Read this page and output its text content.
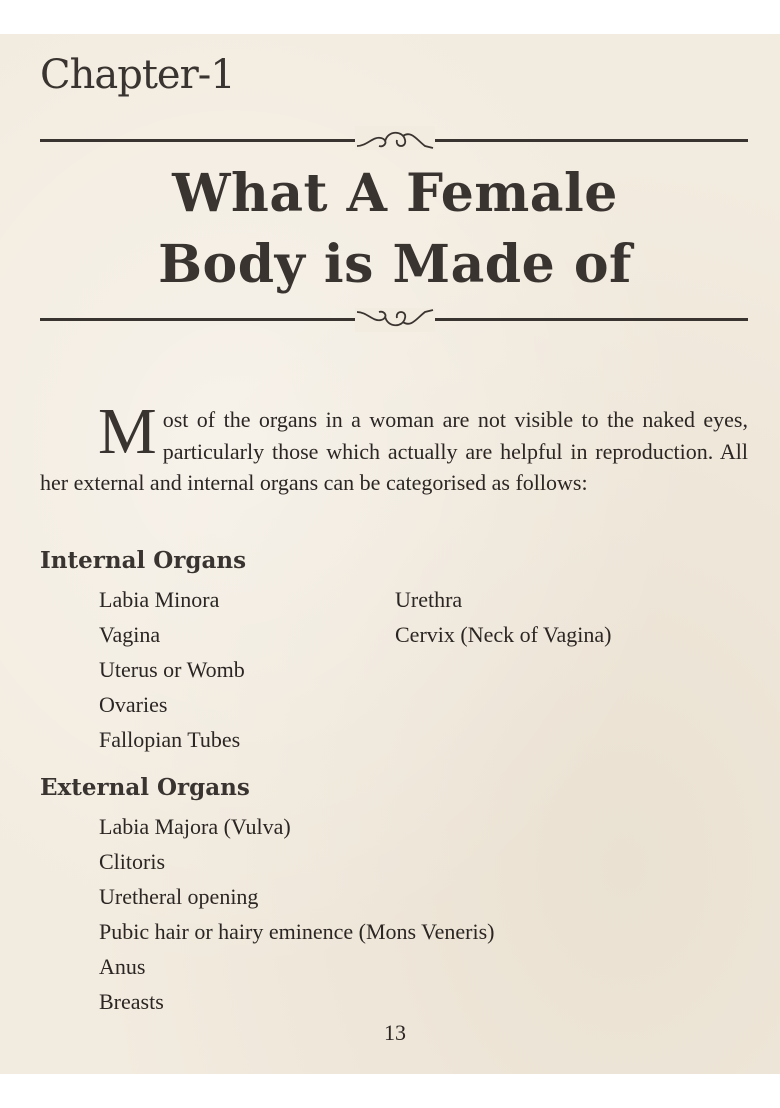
Chapter-1
What A Female
Body is Made of
Most of the organs in a woman are not visible to the naked eyes, particularly those which actually are helpful in reproduction. All her external and internal organs can be categorised as follows:
Internal Organs
Labia Minora
Vagina
Uterus or Womb
Ovaries
Fallopian Tubes
Urethra
Cervix (Neck of Vagina)
External Organs
Labia Majora (Vulva)
Clitoris
Uretheral opening
Pubic hair or hairy eminence (Mons Veneris)
Anus
Breasts
13
